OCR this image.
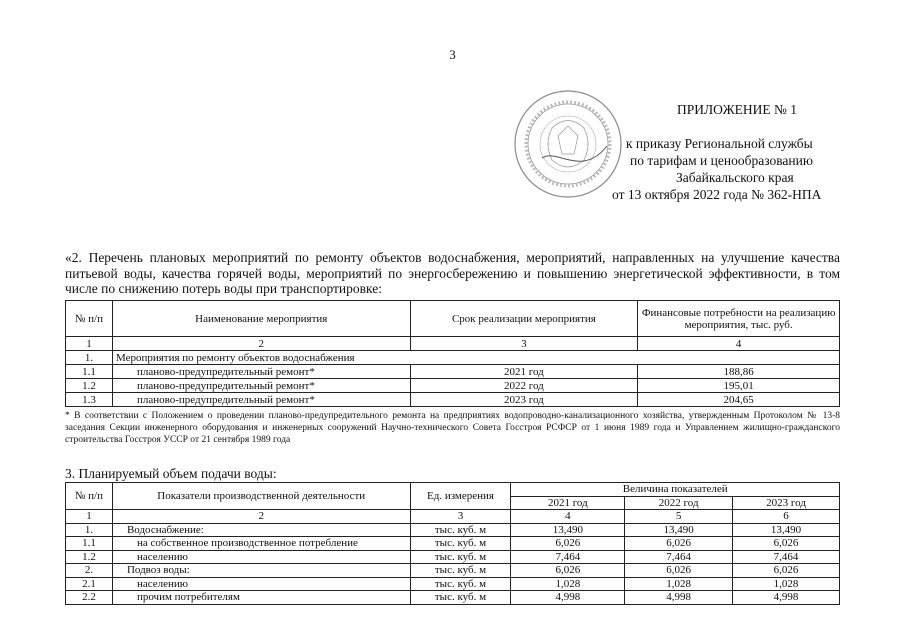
3
ПРИЛОЖЕНИЕ № 1
к приказу Региональной службы
по тарифам и ценообразованию
Забайкальского края
от 13 октября 2022 года № 362-НПА
«2. Перечень плановых мероприятий по ремонту объектов водоснабжения, мероприятий, направленных на улучшение качества питьевой воды, качества горячей воды, мероприятий по энергосбережению и повышению энергетической эффективности, в том числе по снижению потерь воды при транспортировке:
№ п/п	Наименование мероприятия	Срок реализации мероприятия	Финансовые потребности на реализацию мероприятия, тыс. руб.
1	2	3	4
1.	Мероприятия по ремонту объектов водоснабжения		
1.1	планово-предупредительный ремонт*	2021 год	188,86
1.2	планово-предупредительный ремонт*	2022 год	195,01
1.3	планово-предупредительный ремонт*	2023 год	204,65
* В соответствии с Положением о проведении планово-предупредительного ремонта на предприятиях водопроводно-канализационного хозяйства, утвержденным Протоколом № 13-8 заседания Секции инженерного оборудования и инженерных сооружений Научно-технического Совета Госстроя РСФСР от 1 июня 1989 года и Управлением жилищно-гражданского строительства Госстроя УССР от 21 сентября 1989 года
3. Планируемый объем подачи воды:
№ п/п	Показатели производственной деятельности	Ед. измерения	Величина показателей		
			2021 год	2022 год	2023 год
1	2	3	4	5	6
1.	Водоснабжение:	тыс. куб. м	13,490	13,490	13,490
1.1	на собственное производственное потребление	тыс. куб. м	6,026	6,026	6,026
1.2	населению	тыс. куб. м	7,464	7,464	7,464
2.	Подвоз воды:	тыс. куб. м	6,026	6,026	6,026
2.1	населению	тыс. куб. м	1,028	1,028	1,028
2.2	прочим потребителям	тыс. куб. м	4,998	4,998	4,998
